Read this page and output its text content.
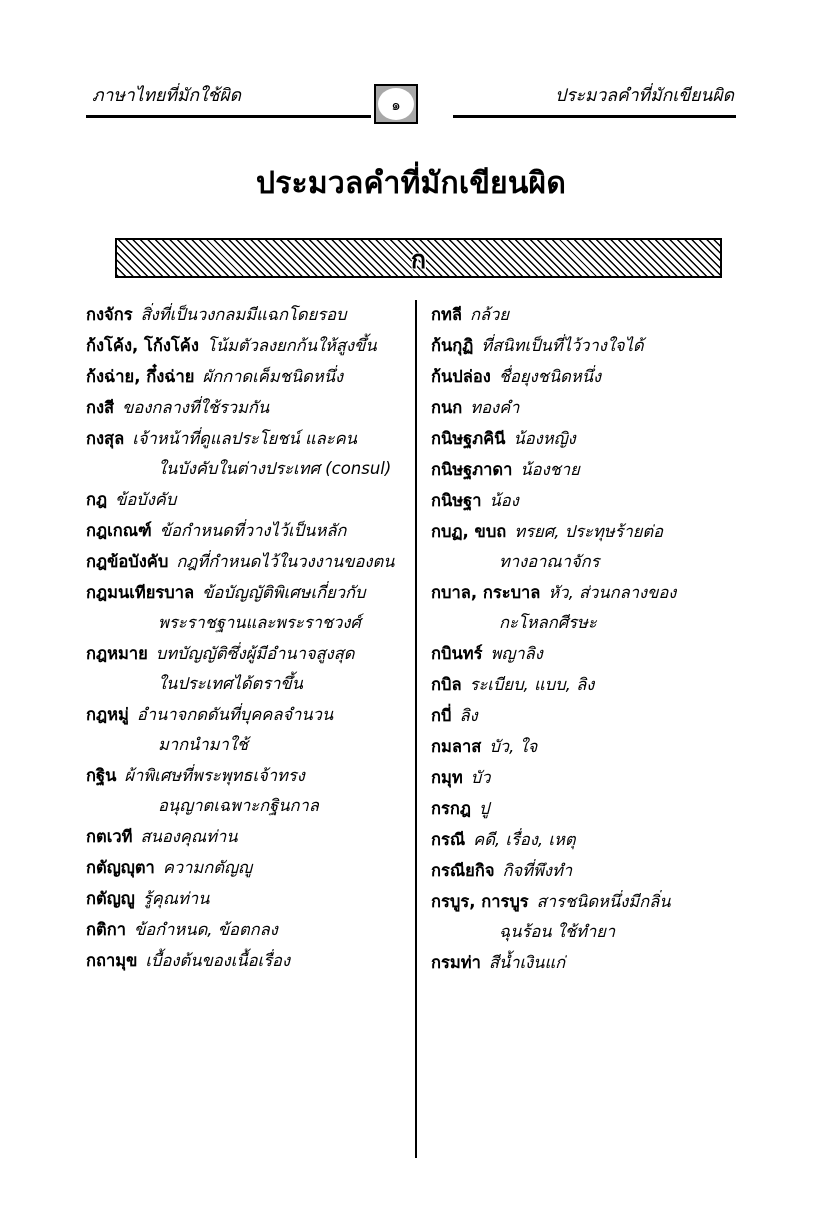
ภาษาไทยที่มักใช้ผิด	ประมวลคำที่มักเขียนผิด
๑
ประมวลคำที่มักเขียนผิด
ก
กงจักร สิ่งที่เป็นวงกลมมีแฉกโดยรอบ
ก้งโค้ง, โก้งโค้ง โน้มตัวลงยกก้นให้สูงขึ้น
ก้งฉ่าย, กึ๋งฉ่าย ผักกาดเค็มชนิดหนึ่ง
กงสี ของกลางที่ใช้รวมกัน
กงสุล เจ้าหน้าที่ดูแลประโยชน์ และคน
ในบังคับในต่างประเทศ (consul)
กฎ ข้อบังคับ
กฎเกณฑ์ ข้อกำหนดที่วางไว้เป็นหลัก
กฎข้อบังคับ กฎที่กำหนดไว้ในวงงานของตน
กฎมนเทียรบาล ข้อบัญญัติพิเศษเกี่ยวกับ
พระราชฐานและพระราชวงศ์
กฎหมาย บทบัญญัติซึ่งผู้มีอำนาจสูงสุด
ในประเทศได้ตราขึ้น
กฎหมู่ อำนาจกดดันที่บุคคลจำนวน
มากนำมาใช้
กฐิน ผ้าพิเศษที่พระพุทธเจ้าทรง
อนุญาตเฉพาะกฐินกาล
กตเวที สนองคุณท่าน
กตัญญุตา ความกตัญญู
กตัญญู รู้คุณท่าน
กติกา ข้อกำหนด, ข้อตกลง
กถามุข เบื้องต้นของเนื้อเรื่อง
กทลี กล้วย
ก้นกุฏิ ที่สนิทเป็นที่ไว้วางใจได้
ก้นปล่อง ชื่อยุงชนิดหนึ่ง
กนก ทองคำ
กนิษฐภคินี น้องหญิง
กนิษฐภาดา น้องชาย
กนิษฐา น้อง
กบฏ, ขบถ ทรยศ, ประทุษร้ายต่อ
ทางอาณาจักร
กบาล, กระบาล หัว, ส่วนกลางของ
กะโหลกศีรษะ
กบินทร์ พญาลิง
กบิล ระเบียบ, แบบ, ลิง
กบี่ ลิง
กมลาส บัว, ใจ
กมุท บัว
กรกฎ ปู
กรณี คดี, เรื่อง, เหตุ
กรณียกิจ กิจที่พึงทำ
กรบูร, การบูร สารชนิดหนึ่งมีกลิ่น
ฉุนร้อน ใช้ทำยา
กรมท่า สีน้ำเงินแก่
